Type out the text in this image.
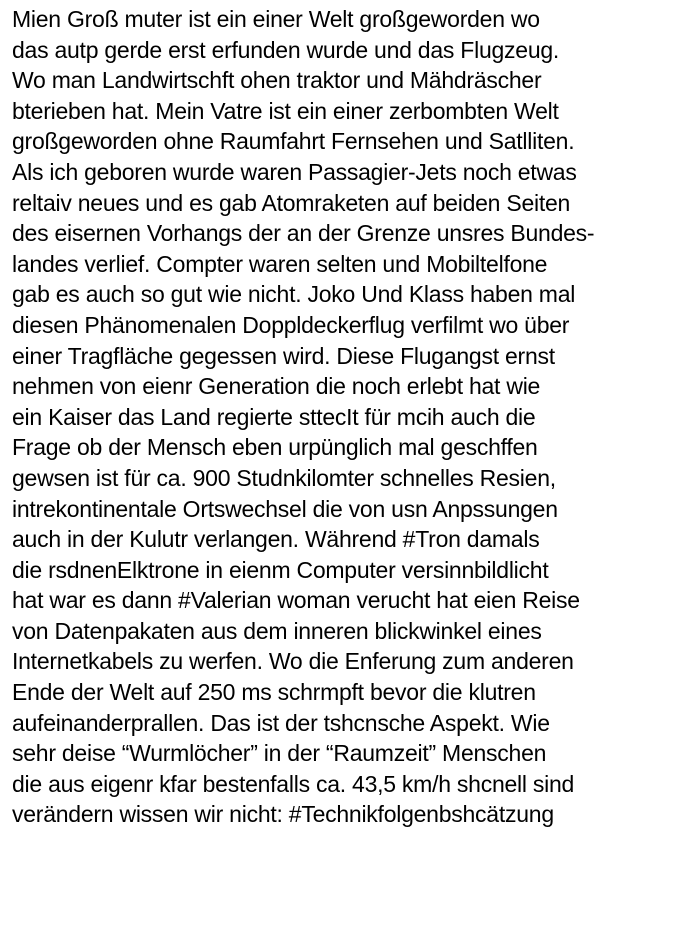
Mien Groß muter ist ein einer Welt großgeworden wo
das autp gerde erst erfunden wurde und das Flugzeug.
Wo man Landwirtschft ohen traktor und Mähdräscher
bterieben hat. Mein Vatre ist ein einer zerbombten Welt
großgeworden ohne Raumfahrt Fernsehen und Satlliten.
Als ich geboren wurde waren Passagier-Jets noch etwas
reltaiv neues und es gab Atomraketen auf beiden Seiten
des eisernen Vorhangs der an der Grenze unsres Bundes-
landes verlief. Compter waren selten und Mobiltelfone
gab es auch so gut wie nicht. Joko Und Klass haben mal
diesen Phänomenalen Doppldeckerflug verfilmt wo über
einer Tragfläche gegessen wird. Diese Flugangst ernst
nehmen von eienr Generation die noch erlebt hat wie
ein Kaiser das Land regierte sttecIt für mcih auch die
Frage ob der Mensch eben urpünglich mal geschffen
gewsen ist für ca. 900 Studnkilomter schnelles Resien,
intrekontinentale Ortswechsel die von usn Anpssungen
auch in der Kulutr verlangen. Während #Tron damals
die rsdnenElktrone in eienm Computer versinnbildlicht
hat war es dann #Valerian woman verucht hat eien Reise
von Datenpakaten aus dem inneren blickwinkel eines
Internetkabels zu werfen. Wo die Enferung zum anderen
Ende der Welt auf 250 ms schrmpft bevor die klutren
aufeinanderprallen. Das ist der tshcnsche Aspekt. Wie
sehr deise “Wurmlöcher” in der “Raumzeit” Menschen
die aus eigenr kfar bestenfalls ca. 43,5 km/h shcnell sind
verändern wissen wir nicht: #Technikfolgenbshcätzung
